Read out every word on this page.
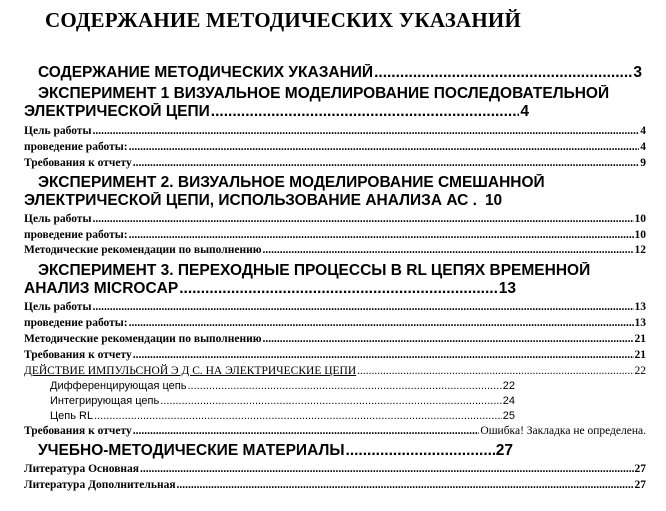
СОДЕРЖАНИЕ МЕТОДИЧЕСКИХ УКАЗАНИЙ
СОДЕРЖАНИЕ МЕТОДИЧЕСКИХ УКАЗАНИЙ .....	3
ЭКСПЕРИМЕНТ 1 ВИЗУАЛЬНОЕ МОДЕЛИРОВАНИЕ ПОСЛЕДОВАТЕЛЬНОЙ
ЭЛЕКТРИЧЕСКОЙ ЦЕПИ .....	4
Цель работы .....	4
проведение работы: .....	4
Требования к отчету .....	9
ЭКСПЕРИМЕНТ 2. ВИЗУАЛЬНОЕ МОДЕЛИРОВАНИЕ СМЕШАННОЙ
ЭЛЕКТРИЧЕСКОЙ ЦЕПИ, ИСПОЛЬЗОВАНИЕ АНАЛИЗА АС . 10
Цель работы .....	10
проведение работы: .....	10
Методические рекомендации по выполнению .....	12
ЭКСПЕРИМЕНТ 3. ПЕРЕХОДНЫЕ ПРОЦЕССЫ В RL ЦЕПЯХ ВРЕМЕННОЙ
АНАЛИЗ MICROCAP .....	13
Цель работы .....	13
проведение работы: .....	13
Методические рекомендации по выполнению .....	21
Требования к отчету .....	21
ДЕЙСТВИЕ ИМПУЛЬСНОЙ Э Д С. НА ЭЛЕКТРИЧЕСКИЕ ЦЕПИ .....	22
Дифференцирующая цепь .....	22
Интегрирующая цепь .....	24
Цепь RL .....	25
Требования к отчету .....	Ошибка! Закладка не определена.
УЧЕБНО-МЕТОДИЧЕСКИЕ МАТЕРИАЛЫ .....	27
Литература Основная .....	27
Литература Дополнительная .....	27
